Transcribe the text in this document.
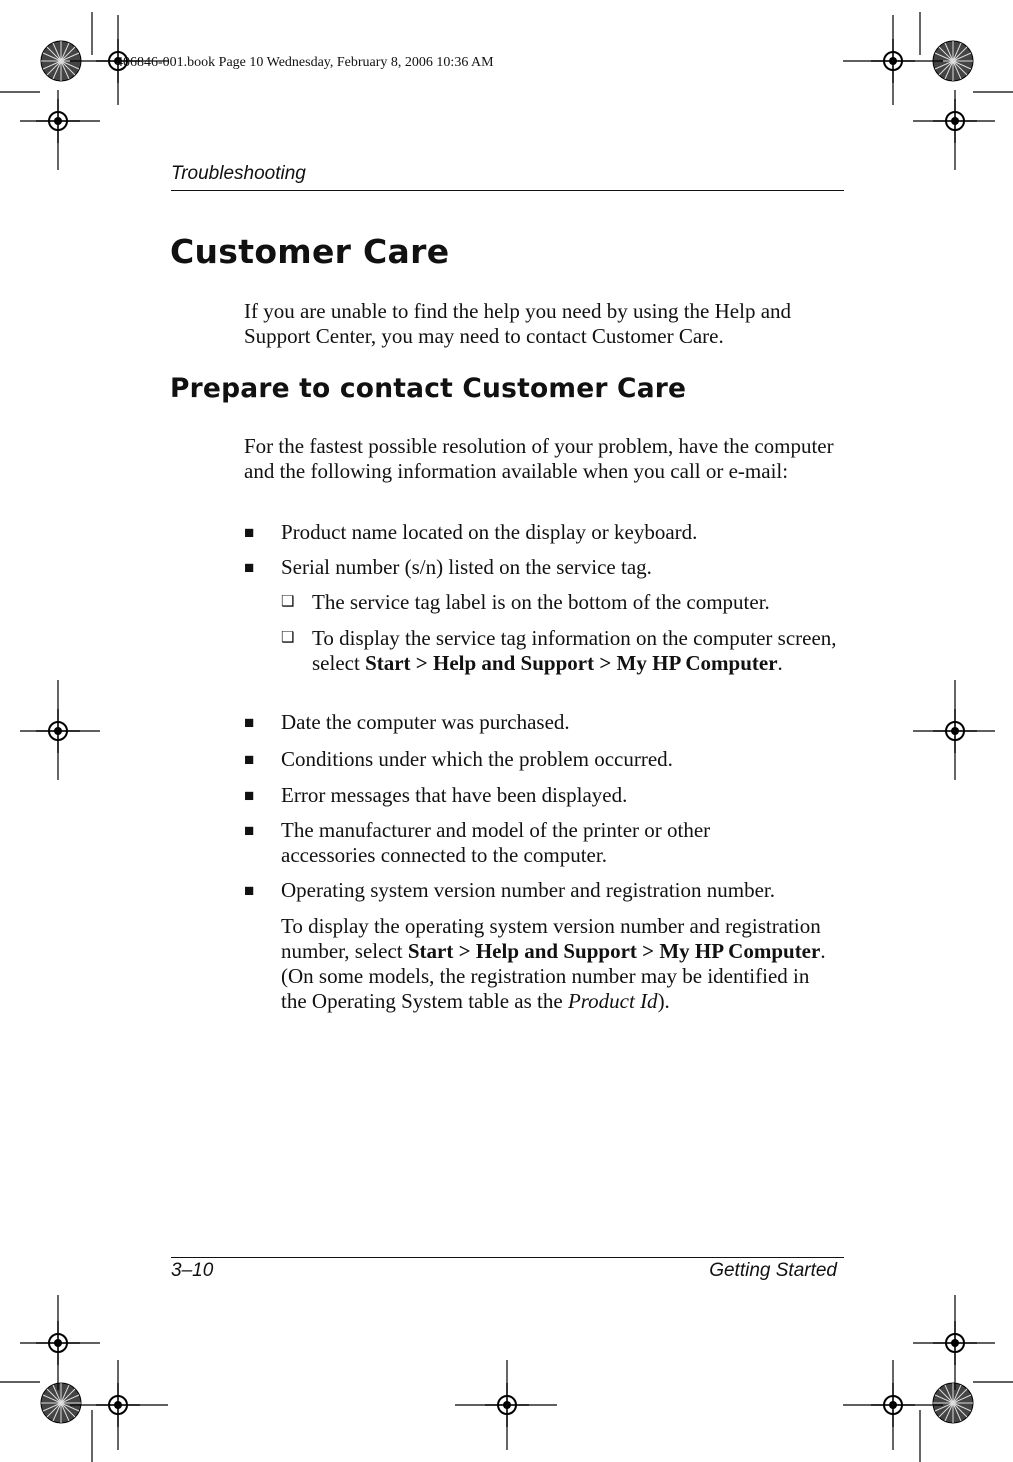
406846-001.book Page 10 Wednesday, February 8, 2006 10:36 AM
Troubleshooting
Customer Care

If you are unable to find the help you need by using the Help and Support Center, you may need to contact Customer Care.

Prepare to contact Customer Care

For the fastest possible resolution of your problem, have the computer and the following information available when you call or e-mail:

■ Product name located on the display or keyboard.
■ Serial number (s/n) listed on the service tag.
❑ The service tag label is on the bottom of the computer.
❑ To display the service tag information on the computer screen, select Start > Help and Support > My HP Computer.
■ Date the computer was purchased.
■ Conditions under which the problem occurred.
■ Error messages that have been displayed.
■ The manufacturer and model of the printer or other accessories connected to the computer.
■ Operating system version number and registration number.

To display the operating system version number and registration number, select Start > Help and Support > My HP Computer. (On some models, the registration number may be identified in the Operating System table as the Product Id).

3–10	Getting Started
